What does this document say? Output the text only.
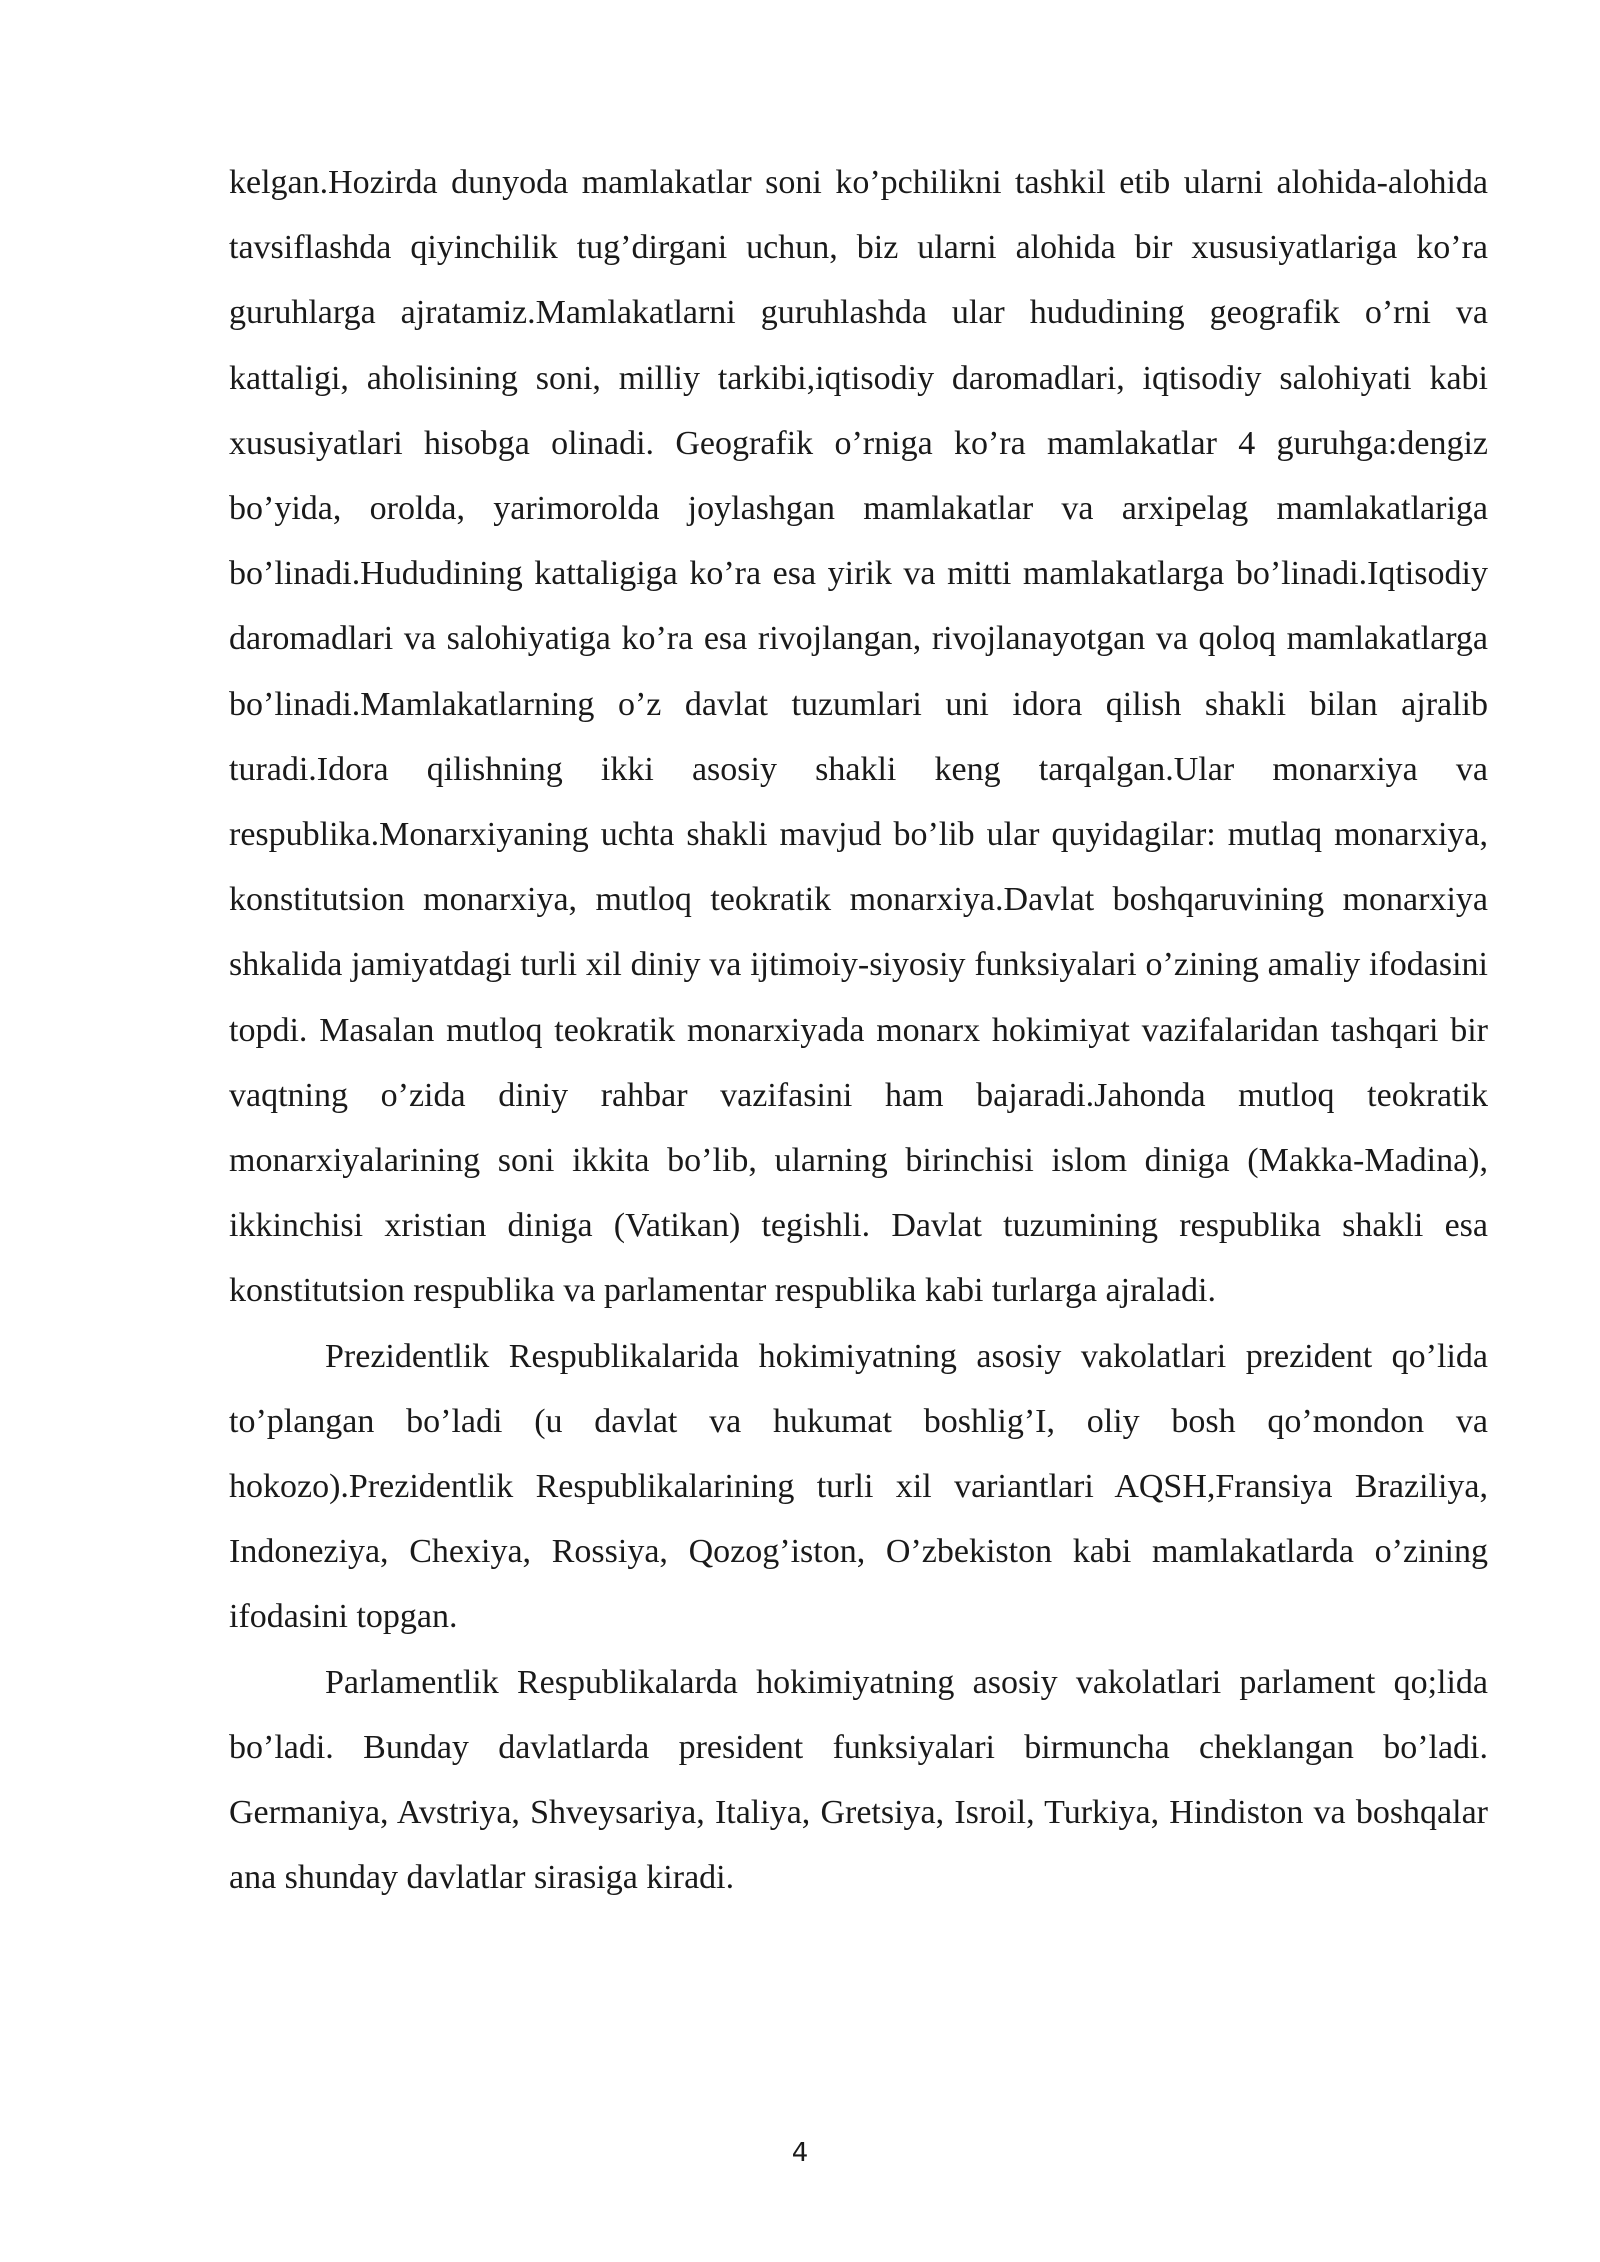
kelgan.Hozirda dunyoda mamlakatlar soni ko’pchilikni tashkil etib ularni alohida-alohida tavsiflashda qiyinchilik tug’dirgani uchun, biz ularni alohida bir xususiyatlariga ko’ra guruhlarga ajratamiz.Mamlakatlarni guruhlashda ular hududining geografik o’rni va kattaligi, aholisining soni, milliy tarkibi,iqtisodiy daromadlari, iqtisodiy salohiyati kabi xususiyatlari hisobga olinadi. Geografik o’rniga ko’ra mamlakatlar 4 guruhga:dengiz bo’yida, orolda, yarimorolda joylashgan mamlakatlar va arxipelag mamlakatlariga bo’linadi.Hududining kattaligiga ko’ra esa yirik va mitti mamlakatlarga bo’linadi.Iqtisodiy daromadlari va salohiyatiga ko’ra esa rivojlangan, rivojlanayotgan va qoloq mamlakatlarga bo’linadi.Mamlakatlarning o’z davlat tuzumlari uni idora qilish shakli bilan ajralib turadi.Idora qilishning ikki asosiy shakli keng tarqalgan.Ular monarxiya va respublika.Monarxiyaning uchta shakli mavjud bo’lib ular quyidagilar: mutlaq monarxiya, konstitutsion monarxiya, mutloq teokratik monarxiya.Davlat boshqaruvining monarxiya shkalida jamiyatdagi turli xil diniy va ijtimoiy-siyosiy funksiyalari o’zining amaliy ifodasini topdi. Masalan mutloq teokratik monarxiyada monarx hokimiyat vazifalaridan tashqari bir vaqtning o’zida diniy rahbar vazifasini ham bajaradi.Jahonda mutloq teokratik monarxiyalarining soni ikkita bo’lib, ularning birinchisi islom diniga (Makka-Madina), ikkinchisi xristian diniga (Vatikan) tegishli. Davlat tuzumining respublika shakli esa konstitutsion respublika va parlamentar respublika kabi turlarga ajraladi.

Prezidentlik Respublikalarida hokimiyatning asosiy vakolatlari prezident qo’lida to’plangan bo’ladi (u davlat va hukumat boshlig’I, oliy bosh qo’mondon va hokozo).Prezidentlik Respublikalarining turli xil variantlari AQSH,Fransiya Braziliya, Indoneziya, Chexiya, Rossiya, Qozog’iston, O’zbekiston kabi mamlakatlarda o’zining ifodasini topgan.

Parlamentlik Respublikalarda hokimiyatning asosiy vakolatlari parlament qo;lida bo’ladi. Bunday davlatlarda president funksiyalari birmuncha cheklangan bo’ladi. Germaniya, Avstriya, Shveysariya, Italiya, Gretsiya, Isroil, Turkiya, Hindiston va boshqalar ana shunday davlatlar sirasiga kiradi.

4
